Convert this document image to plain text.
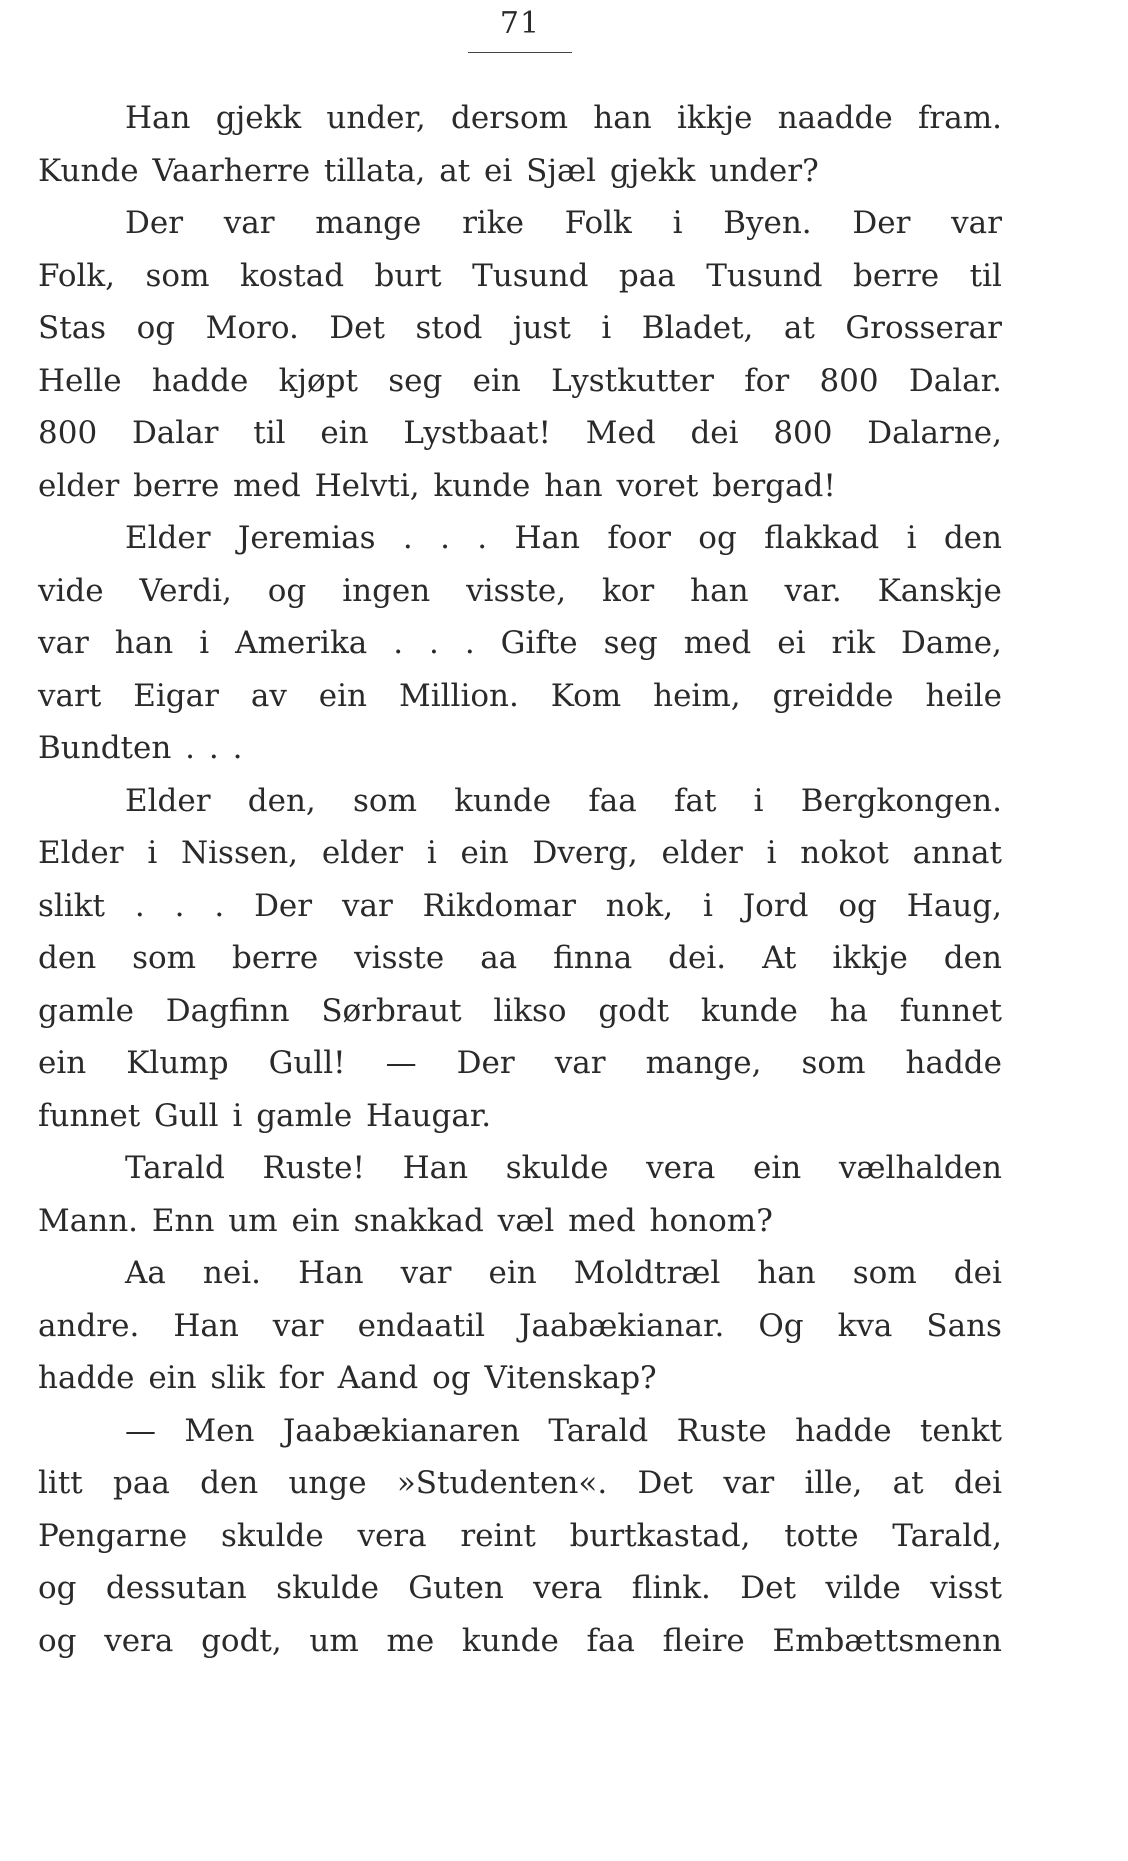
71
Han gjekk under, dersom han ikkje naadde fram.
Kunde Vaarherre tillata, at ei Sjæl gjekk under?
Der var mange rike Folk i Byen. Der var
Folk, som kostad burt Tusund paa Tusund berre til
Stas og Moro. Det stod just i Bladet, at Grosserar
Helle hadde kjøpt seg ein Lystkutter for 800 Dalar.
800 Dalar til ein Lystbaat! Med dei 800 Dalarne,
elder berre med Helvti, kunde han voret bergad!
Elder Jeremias . . . Han foor og flakkad i den
vide Verdi, og ingen visste, kor han var. Kanskje
var han i Amerika . . . Gifte seg med ei rik Dame,
vart Eigar av ein Million. Kom heim, greidde heile
Bundten . . .
Elder den, som kunde faa fat i Bergkongen.
Elder i Nissen, elder i ein Dverg, elder i nokot annat
slikt . . . Der var Rikdomar nok, i Jord og Haug,
den som berre visste aa finna dei. At ikkje den
gamle Dagfinn Sørbraut likso godt kunde ha funnet
ein Klump Gull! — Der var mange, som hadde
funnet Gull i gamle Haugar.
Tarald Ruste! Han skulde vera ein vælhalden
Mann. Enn um ein snakkad væl med honom?
Aa nei. Han var ein Moldtræl han som dei
andre. Han var endaatil Jaabækianar. Og kva Sans
hadde ein slik for Aand og Vitenskap?
— Men Jaabækianaren Tarald Ruste hadde tenkt
litt paa den unge »Studenten«. Det var ille, at dei
Pengarne skulde vera reint burtkastad, totte Tarald,
og dessutan skulde Guten vera flink. Det vilde visst
og vera godt, um me kunde faa fleire Embættsmenn
